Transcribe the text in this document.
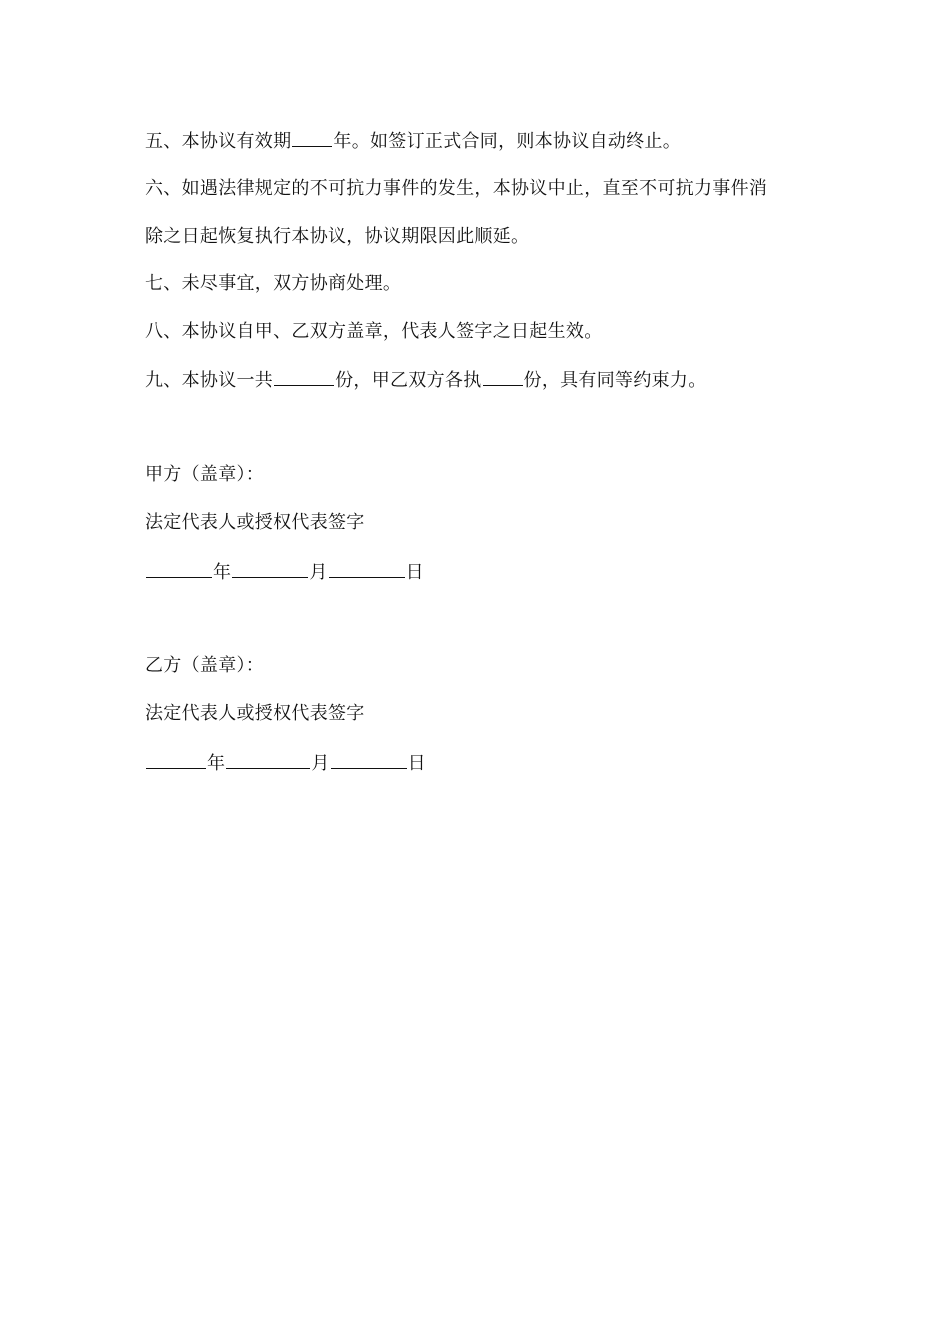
五、本协议有效期 年。如签订正式合同，则本协议自动终止。
六、如遇法律规定的不可抗力事件的发生，本协议中止，直至不可抗力事件消
除之日起恢复执行本协议，协议期限因此顺延。
七、未尽事宜，双方协商处理。
八、本协议自甲、乙双方盖章，代表人签字之日起生效。
九、本协议一共	份，甲乙双方各执 份，具有同等约束力。
甲方（盖章）：
法定代表人或授权代表签字
年	月	日
乙方（盖章）：
法定代表人或授权代表签字
年	月	日
